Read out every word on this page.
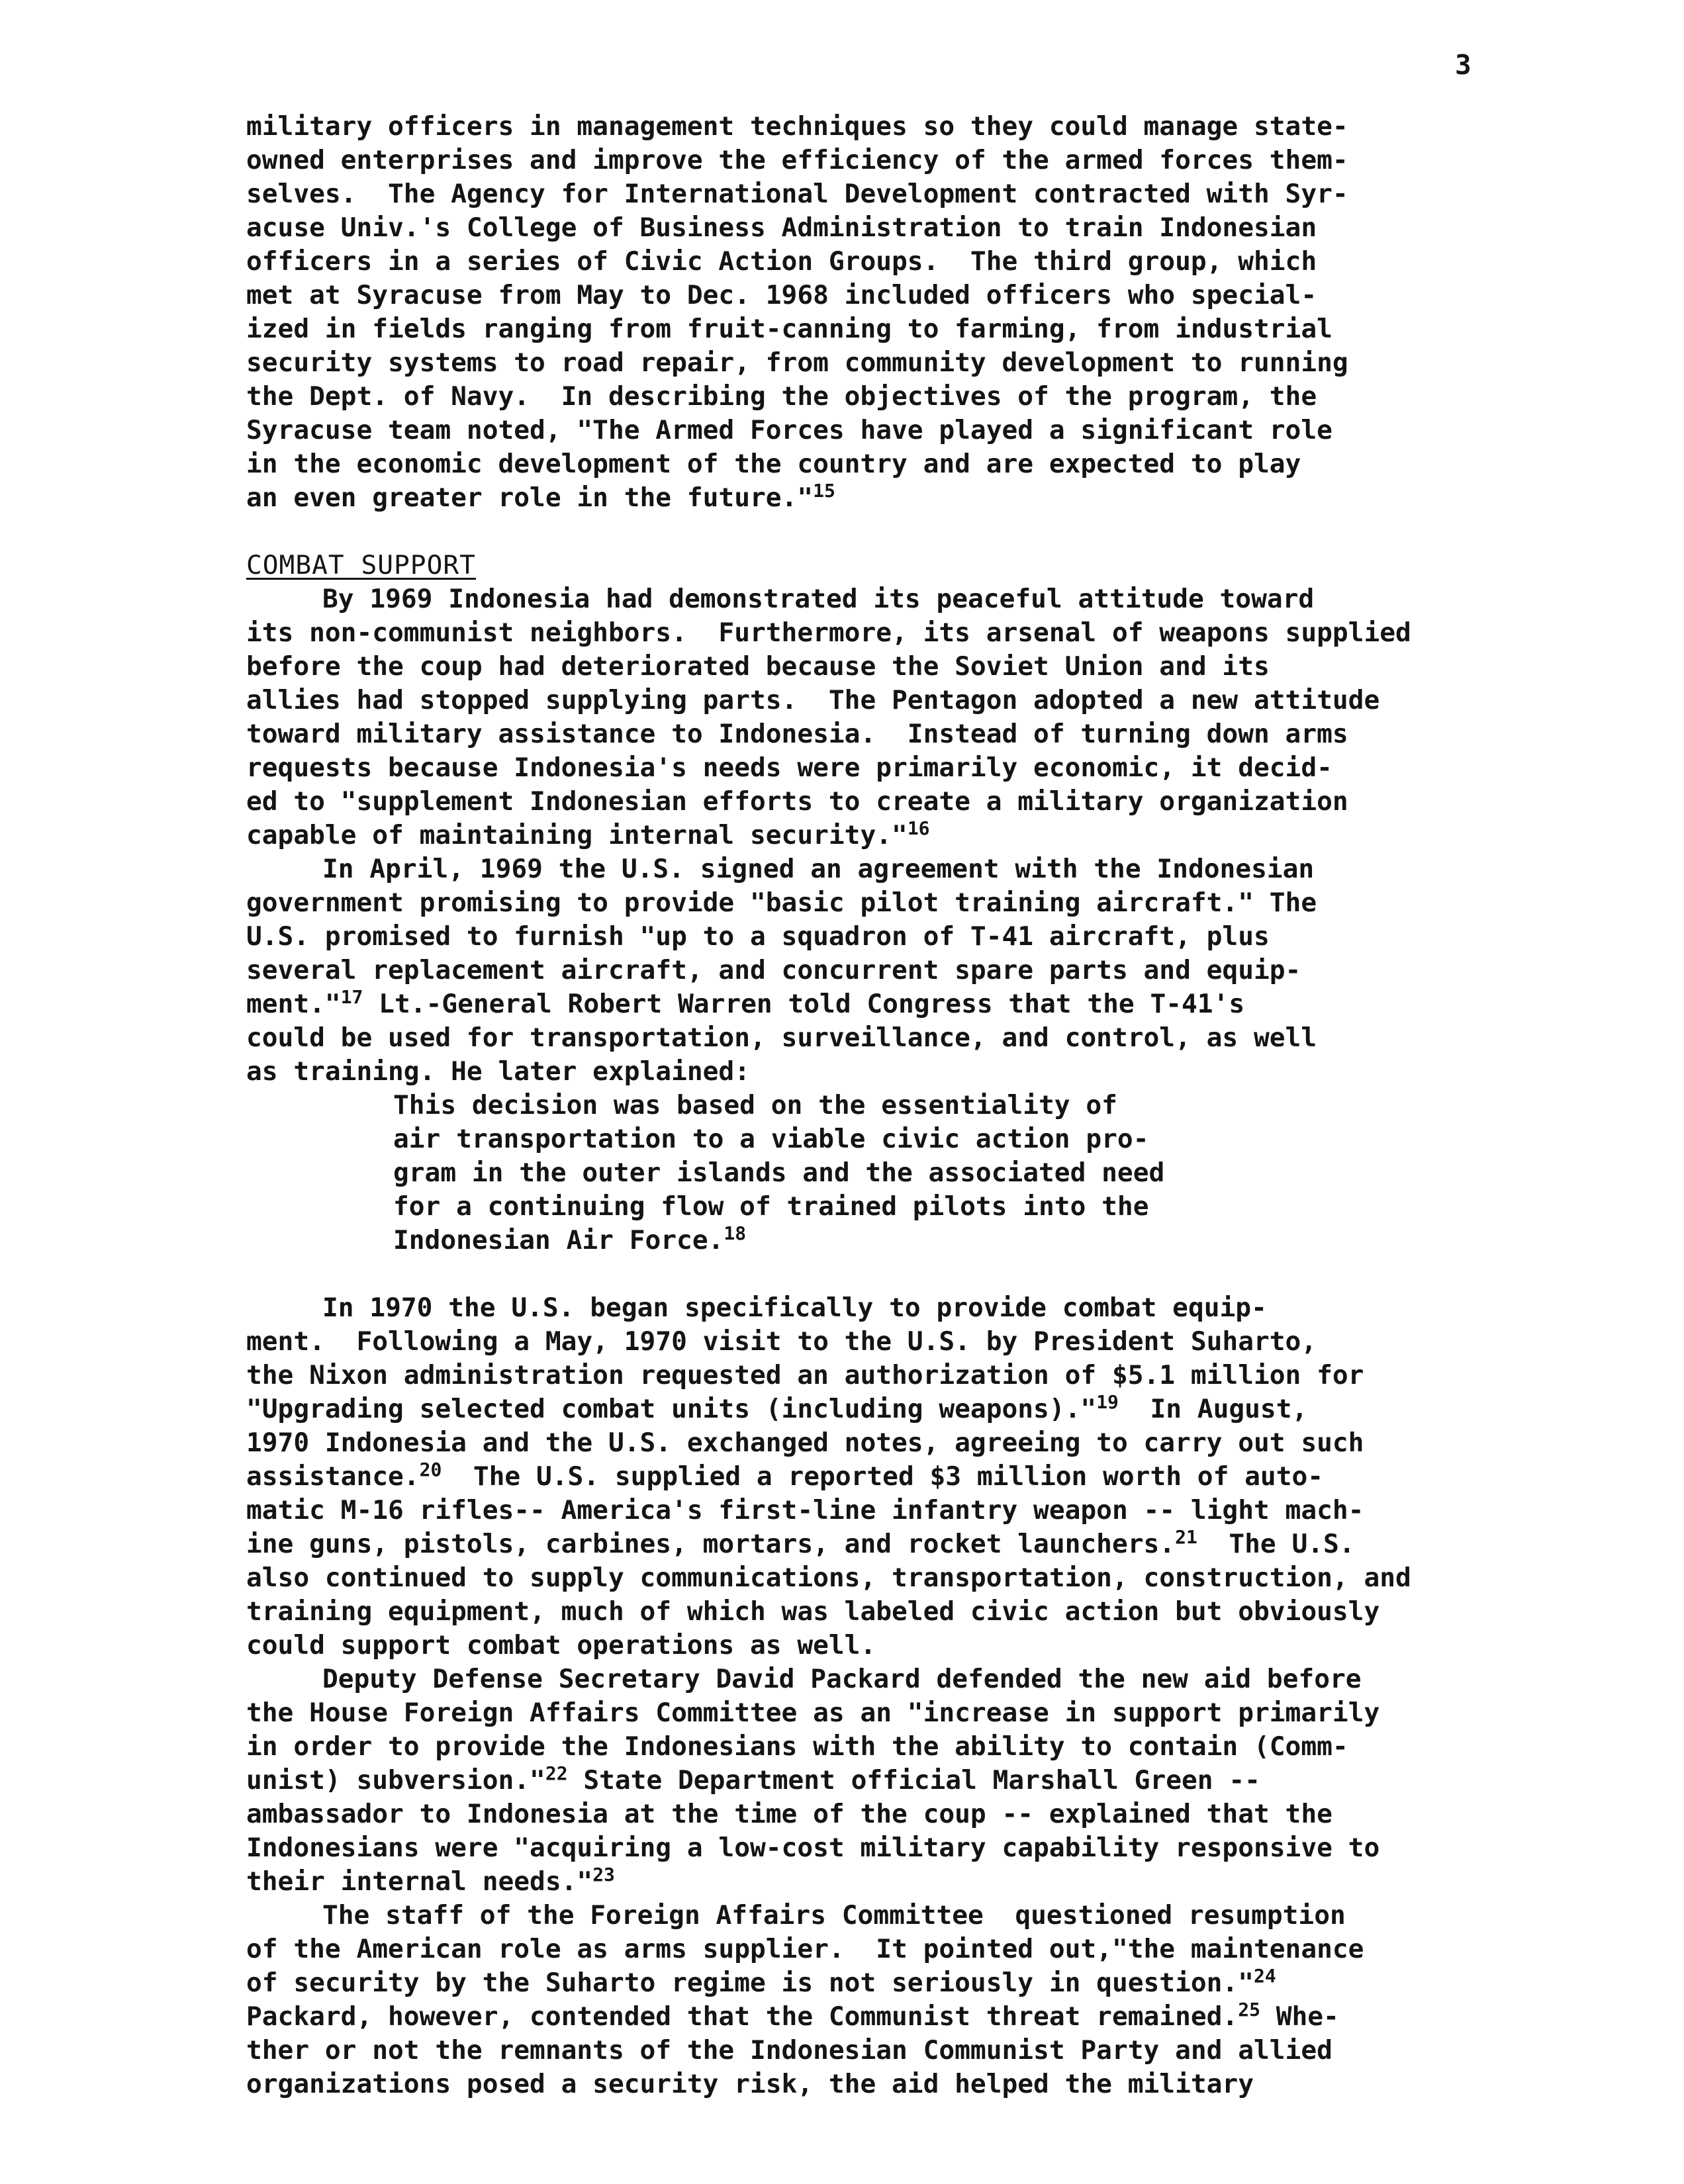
3
military officers in management techniques so they could manage state-
owned enterprises and improve the efficiency of the armed forces them-
selves.  The Agency for International Development contracted with Syr-
acuse Univ.'s College of Business Administration to train Indonesian
officers in a series of Civic Action Groups.  The third group, which
met at Syracuse from May to Dec. 1968 included officers who special-
ized in fields ranging from fruit-canning to farming, from industrial
security systems to road repair, from community development to running
the Dept. of Navy.  In describing the objectives of the program, the
Syracuse team noted, "The Armed Forces have played a significant role
in the economic development of the country and are expected to play
an even greater role in the future."$^{15}$
COMBAT SUPPORT
By 1969 Indonesia had demonstrated its peaceful attitude toward
its non-communist neighbors.  Furthermore, its arsenal of weapons supplied
before the coup had deteriorated because the Soviet Union and its
allies had stopped supplying parts.  The Pentagon adopted a new attitude
toward military assistance to Indonesia.  Instead of turning down arms
requests because Indonesia's needs were primarily economic, it decid-
ed to "supplement Indonesian efforts to create a military organization
capable of maintaining internal security."$^{16}$
In April, 1969 the U.S. signed an agreement with the Indonesian
government promising to provide "basic pilot training aircraft." The
U.S. promised to furnish "up to a squadron of T-41 aircraft, plus
several replacement aircraft, and concurrent spare parts and equip-
ment."$^{17}$ Lt.-General Robert Warren told Congress that the T-41's
could be used for transportation, surveillance, and control, as well
as training. He later explained:
This decision was based on the essentiality of
air transportation to a viable civic action pro-
gram in the outer islands and the associated need
for a continuing flow of trained pilots into the
Indonesian Air Force.$^{18}$
In 1970 the U.S. began specifically to provide combat equip-
ment.  Following a May, 1970 visit to the U.S. by President Suharto,
the Nixon administration requested an authorization of $5.1 million for
"Upgrading selected combat units (including weapons)."$^{19}$  In August,
1970 Indonesia and the U.S. exchanged notes, agreeing to carry out such
assistance.$^{20}$  The U.S. supplied a reported $3 million worth of auto-
matic M-16 rifles-- America's first-line infantry weapon -- light mach-
ine guns, pistols, carbines, mortars, and rocket launchers.$^{21}$  The U.S.
also continued to supply communications, transportation, construction, and
training equipment, much of which was labeled civic action but obviously
could support combat operations as well.
Deputy Defense Secretary David Packard defended the new aid before
the House Foreign Affairs Committee as an "increase in support primarily
in order to provide the Indonesians with the ability to contain (Comm-
unist) subversion."$^{22}$ State Department official Marshall Green --
ambassador to Indonesia at the time of the coup -- explained that the
Indonesians were "acquiring a low-cost military capability responsive to
their internal needs."$^{23}$
The staff of the Foreign Affairs Committee  questioned resumption
of the American role as arms supplier.  It pointed out,"the maintenance
of security by the Suharto regime is not seriously in question."$^{24}$
Packard, however, contended that the Communist threat remained.$^{25}$ Whe-
ther or not the remnants of the Indonesian Communist Party and allied
organizations posed a security risk, the aid helped the military
